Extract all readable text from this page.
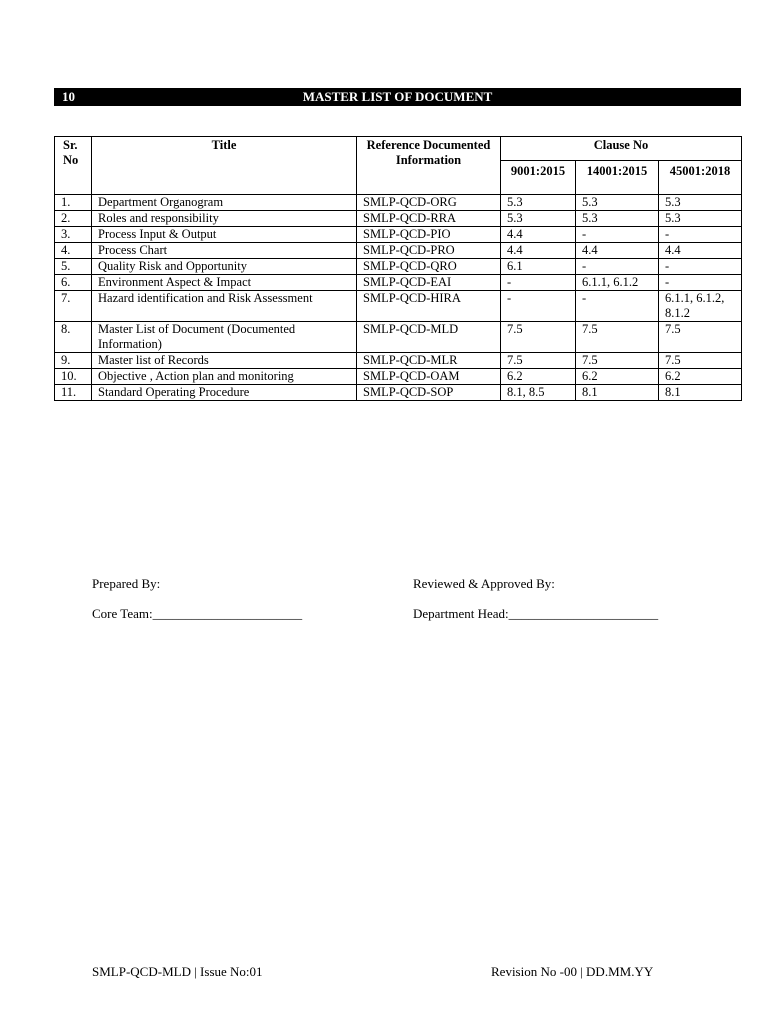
10	MASTER LIST OF DOCUMENT
Sr. No	Title	Reference Documented Information	Clause No		
			9001:2015	14001:2015	45001:2018
1.	Department Organogram	SMLP-QCD-ORG	5.3	5.3	5.3
2.	Roles and responsibility	SMLP-QCD-RRA	5.3	5.3	5.3
3.	Process Input & Output	SMLP-QCD-PIO	4.4	-	-
4.	Process Chart	SMLP-QCD-PRO	4.4	4.4	4.4
5.	Quality Risk and Opportunity	SMLP-QCD-QRO	6.1	-	-
6.	Environment Aspect & Impact	SMLP-QCD-EAI	-	6.1.1, 6.1.2	-
7.	Hazard identification and Risk Assessment	SMLP-QCD-HIRA	-	-	6.1.1, 6.1.2, 8.1.2
8.	Master List of Document (Documented Information)	SMLP-QCD-MLD	7.5	7.5	7.5
9.	Master list of Records	SMLP-QCD-MLR	7.5	7.5	7.5
10.	Objective , Action plan and monitoring	SMLP-QCD-OAM	6.2	6.2	6.2
11.	Standard Operating Procedure	SMLP-QCD-SOP	8.1, 8.5	8.1	8.1
Prepared By:
Core Team:_______________________
Reviewed & Approved By:
Department Head:_______________________
SMLP-QCD-MLD | Issue No:01	Revision No -00 | DD.MM.YY
